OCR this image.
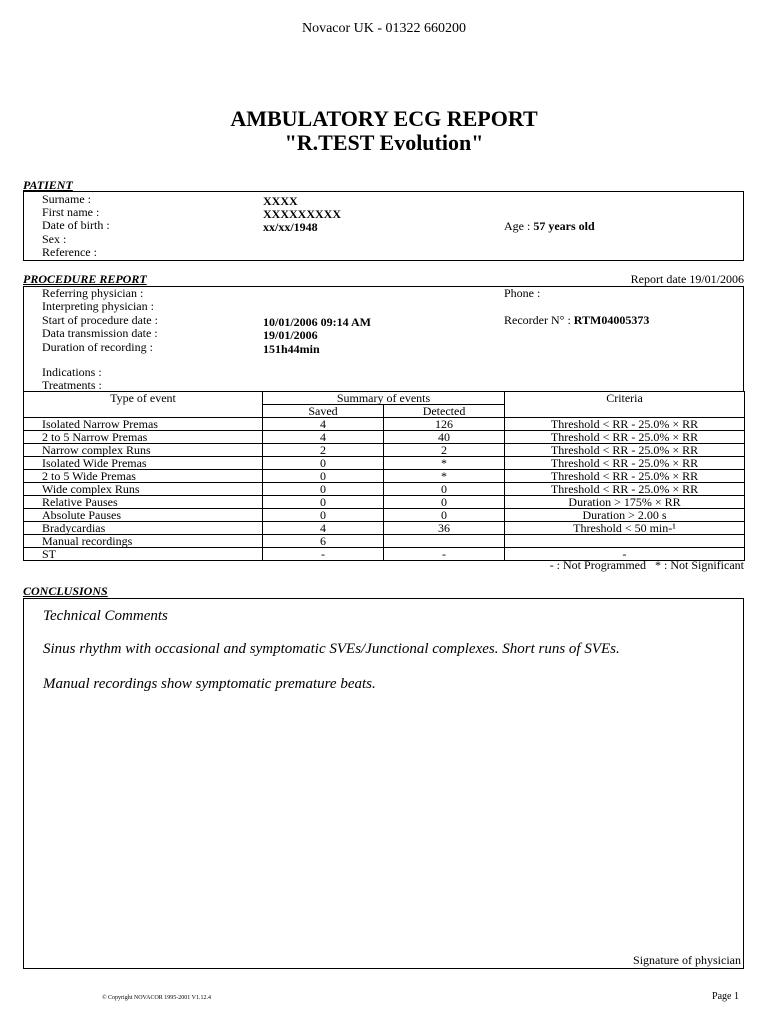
Novacor UK - 01322 660200
AMBULATORY ECG REPORT
"R.TEST Evolution"
PATIENT
Surname :	XXXX
First name :	XXXXXXXXX
Date of birth :	xx/xx/1948	Age : 57 years old
Sex :
Reference :
PROCEDURE REPORT	Report date 19/01/2006
Referring physician :	Phone :
Interpreting physician :
Start of procedure date :	10/01/2006 09:14 AM	Recorder N° : RTM04005373
Data transmission date :	19/01/2006
Duration of recording :	151h44min
Indications :
Treatments :
Type of event	Summary of events		Criteria
	Saved	Detected	
Isolated Narrow Premas	4	126	Threshold < RR - 25.0% × RR
2 to 5 Narrow Premas	4	40	Threshold < RR - 25.0% × RR
Narrow complex Runs	2	2	Threshold < RR - 25.0% × RR
Isolated Wide Premas	0	*	Threshold < RR - 25.0% × RR
2 to 5 Wide Premas	0	*	Threshold < RR - 25.0% × RR
Wide complex Runs	0	0	Threshold < RR - 25.0% × RR
Relative Pauses	0	0	Duration > 175% × RR
Absolute Pauses	0	0	Duration > 2.00 s
Bradycardias	4	36	Threshold < 50 min-¹
Manual recordings	6		
ST	-	-	-
- : Not Programmed   * : Not Significant
CONCLUSIONS
Technical Comments
Sinus rhythm with occasional and symptomatic SVEs/Junctional complexes. Short runs of SVEs.
Manual recordings show symptomatic premature beats.
Signature of physician
© Copyright NOVACOR 1995-2001 V1.12.4	Page 1
